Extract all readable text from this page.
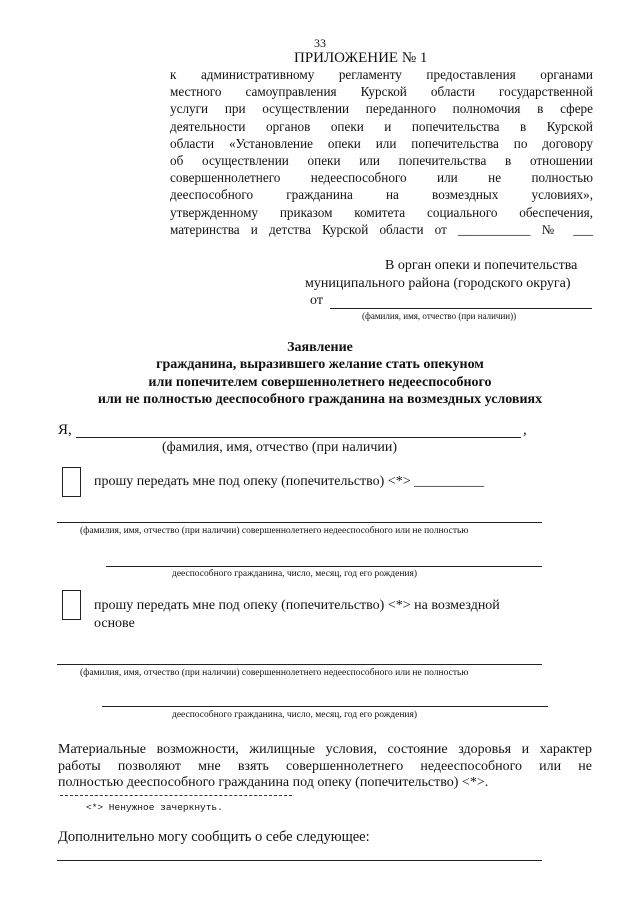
33
ПРИЛОЖЕНИЕ № 1
к административному регламенту предоставления органами
местного самоуправления Курской области государственной
услуги при осуществлении переданного полномочия в сфере
деятельности органов опеки и попечительства в Курской
области «Установление опеки или попечительства по договору
об осуществлении опеки или попечительства в отношении
совершеннолетнего недееспособного или не полностью
дееспособного гражданина на возмездных условиях»,
утвержденному приказом комитета социального обеспечения,
материнства и детства Курской области от ___________ № ___
В орган опеки и попечительства
муниципального района (городского округа)
от
(фамилия, имя, отчество (при наличии))
Заявление
гражданина, выразившего желание стать опекуном
или попечителем совершеннолетнего недееспособного
или не полностью дееспособного гражданина на возмездных условиях
Я,	,
(фамилия, имя, отчество (при наличии)
прошу передать мне под опеку (попечительство) <*> __________
(фамилия, имя, отчество (при наличии) совершеннолетнего недееспособного или не полностью
дееспособного гражданина, число, месяц, год его рождения)
прошу передать мне под опеку (попечительство) <*> на возмездной
основе
(фамилия, имя, отчество (при наличии) совершеннолетнего недееспособного или не полностью
дееспособного гражданина, число, месяц, год его рождения)
Материальные возможности, жилищные условия, состояние здоровья и характер
работы позволяют мне взять совершеннолетнего недееспособного или не
полностью дееспособного гражданина под опеку (попечительство) <*>.
<*> Ненужное зачеркнуть.
Дополнительно могу сообщить о себе следующее:
